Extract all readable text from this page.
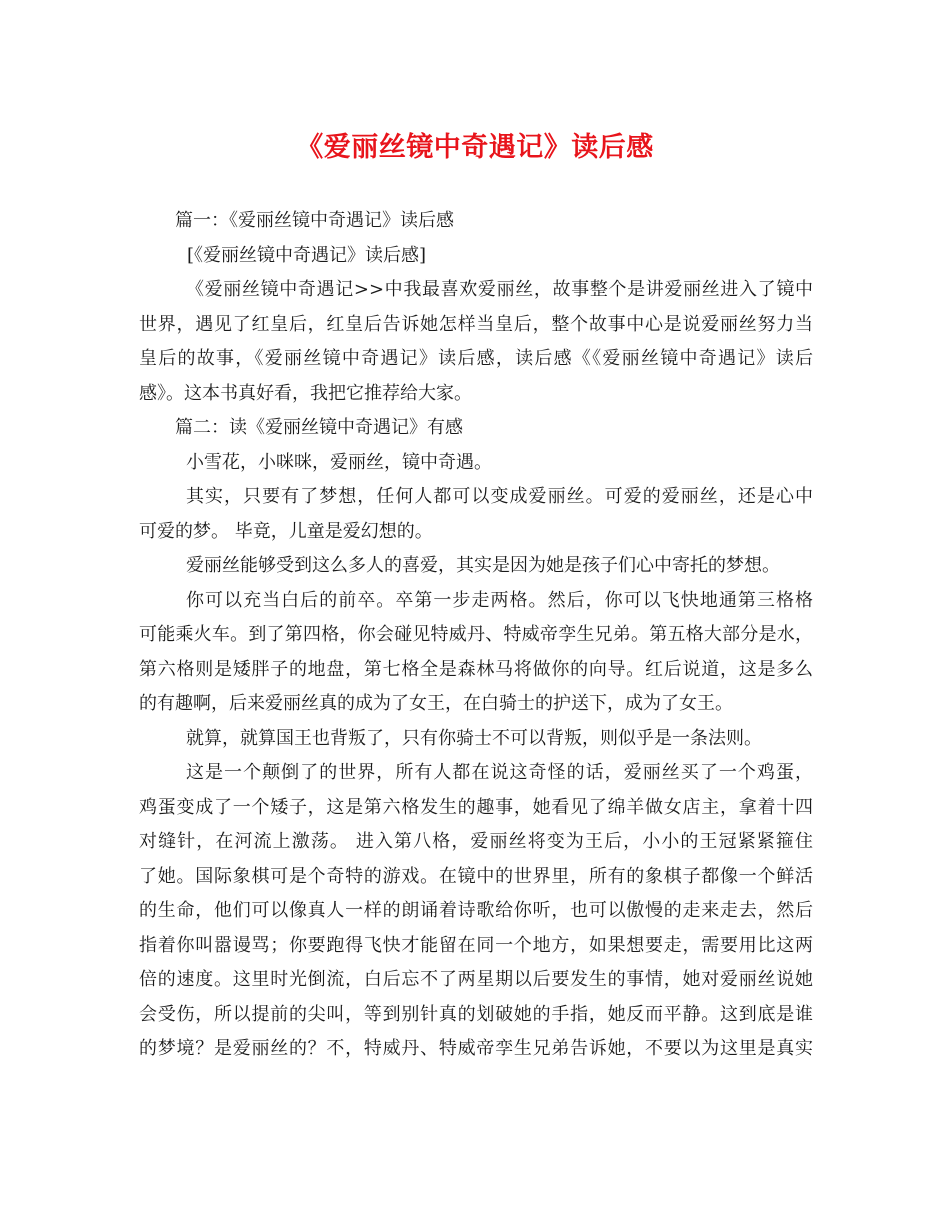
《爱丽丝镜中奇遇记》读后感
篇一：《爱丽丝镜中奇遇记》读后感
[《爱丽丝镜中奇遇记》读后感]
《爱丽丝镜中奇遇记>>中我最喜欢爱丽丝，故事整个是讲爱丽丝进入了镜中
世界，遇见了红皇后，红皇后告诉她怎样当皇后，整个故事中心是说爱丽丝努力当
皇后的故事，《爱丽丝镜中奇遇记》读后感，读后感《《爱丽丝镜中奇遇记》读后
感》。这本书真好看，我把它推荐给大家。
篇二：读《爱丽丝镜中奇遇记》有感
小雪花，小咪咪，爱丽丝，镜中奇遇。
其实，只要有了梦想，任何人都可以变成爱丽丝。可爱的爱丽丝，还是心中
可爱的梦。 毕竟，儿童是爱幻想的。
爱丽丝能够受到这么多人的喜爱，其实是因为她是孩子们心中寄托的梦想。
你可以充当白后的前卒。卒第一步走两格。然后，你可以飞快地通第三格格
可能乘火车。到了第四格，你会碰见特威丹、特威帝孪生兄弟。第五格大部分是水，
第六格则是矮胖子的地盘，第七格全是森林马将做你的向导。红后说道，这是多么
的有趣啊，后来爱丽丝真的成为了女王，在白骑士的护送下，成为了女王。
就算，就算国王也背叛了，只有你骑士不可以背叛，则似乎是一条法则。
这是一个颠倒了的世界，所有人都在说这奇怪的话，爱丽丝买了一个鸡蛋，
鸡蛋变成了一个矮子，这是第六格发生的趣事，她看见了绵羊做女店主，拿着十四
对缝针，在河流上激荡。 进入第八格，爱丽丝将变为王后，小小的王冠紧紧箍住
了她。国际象棋可是个奇特的游戏。在镜中的世界里，所有的象棋子都像一个鲜活
的生命，他们可以像真人一样的朗诵着诗歌给你听，也可以傲慢的走来走去，然后
指着你叫嚣谩骂；你要跑得飞快才能留在同一个地方，如果想要走，需要用比这两
倍的速度。这里时光倒流，白后忘不了两星期以后要发生的事情，她对爱丽丝说她
会受伤，所以提前的尖叫，等到别针真的划破她的手指，她反而平静。这到底是谁
的梦境？是爱丽丝的？不，特威丹、特威帝孪生兄弟告诉她，不要以为这里是真实
